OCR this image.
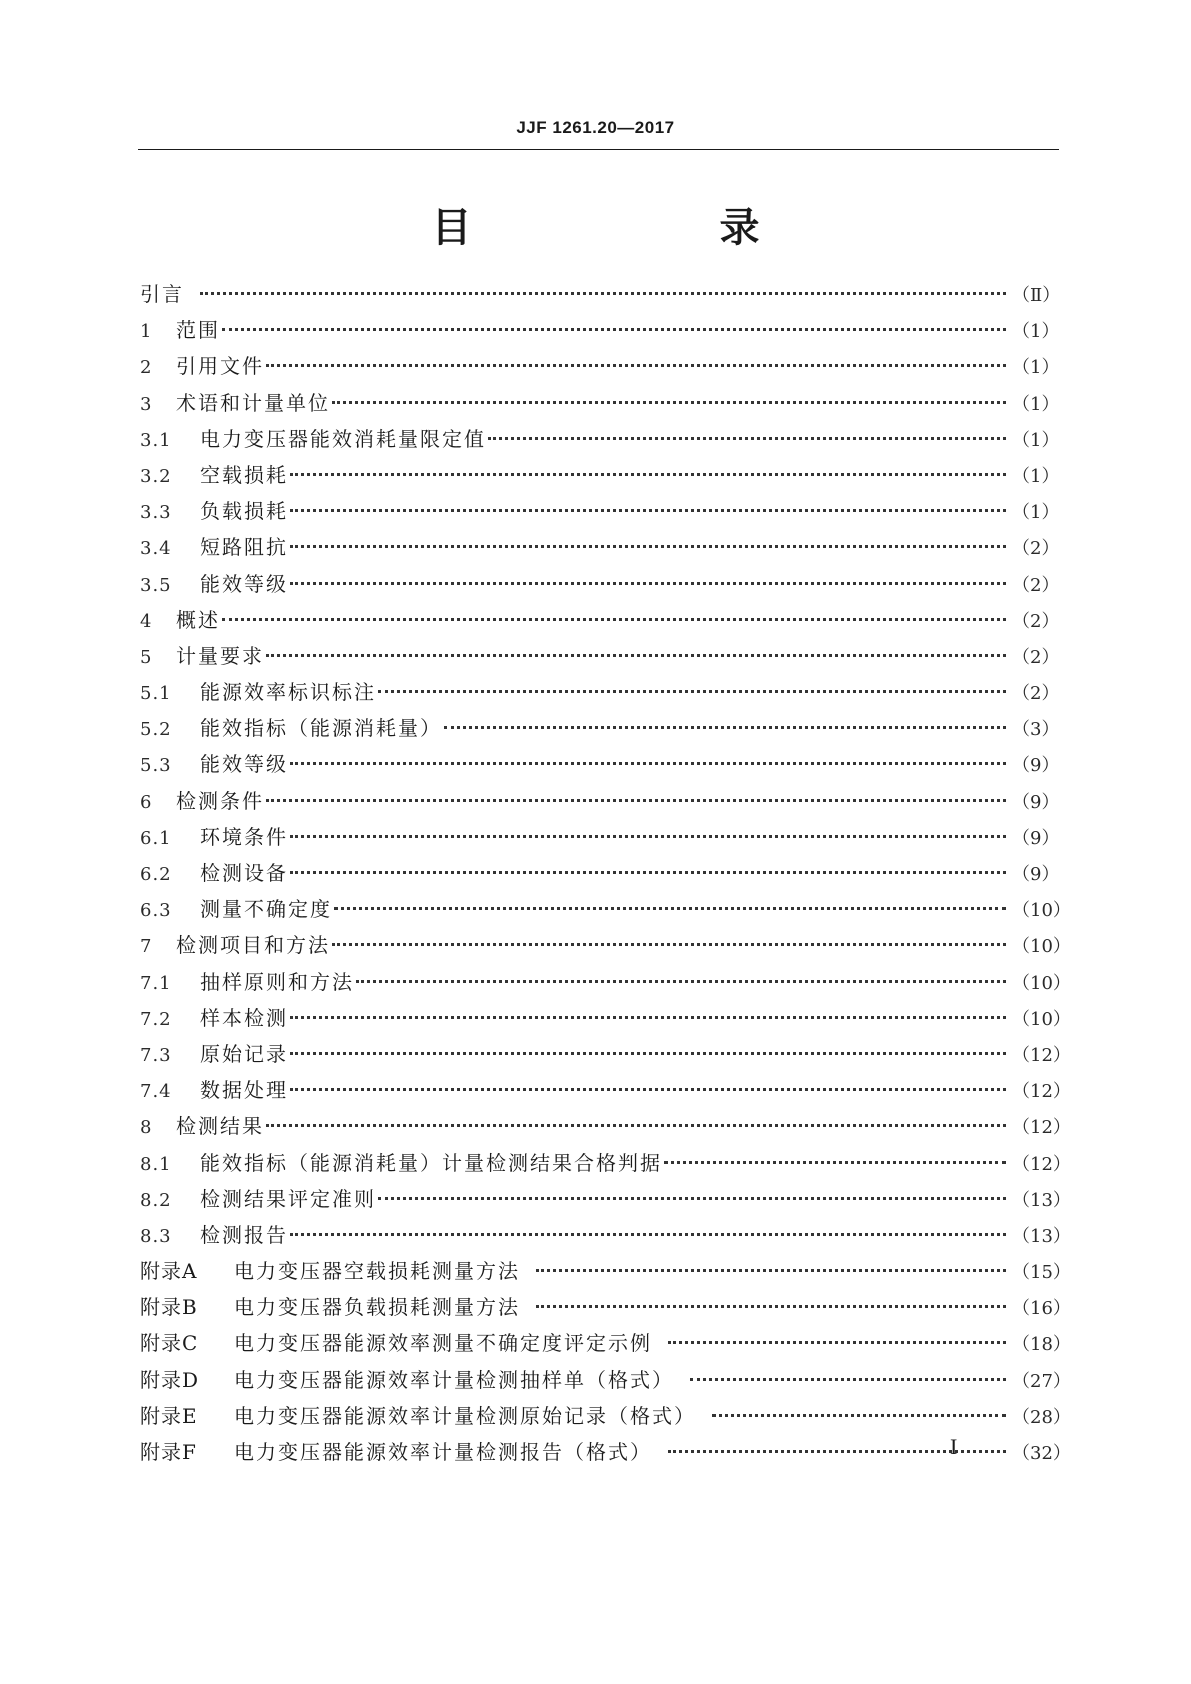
JJF 1261.20—2017
目　　录
引言	（Ⅱ）
1	范围	（1）
2	引用文件	（1）
3	术语和计量单位	（1）
3.1	电力变压器能效消耗量限定值	（1）
3.2	空载损耗	（1）
3.3	负载损耗	（1）
3.4	短路阻抗	（2）
3.5	能效等级	（2）
4	概述	（2）
5	计量要求	（2）
5.1	能源效率标识标注	（2）
5.2	能效指标（能源消耗量）	（3）
5.3	能效等级	（9）
6	检测条件	（9）
6.1	环境条件	（9）
6.2	检测设备	（9）
6.3	测量不确定度	（10）
7	检测项目和方法	（10）
7.1	抽样原则和方法	（10）
7.2	样本检测	（10）
7.3	原始记录	（12）
7.4	数据处理	（12）
8	检测结果	（12）
8.1	能效指标（能源消耗量）计量检测结果合格判据	（12）
8.2	检测结果评定准则	（13）
8.3	检测报告	（13）
附录A	电力变压器空载损耗测量方法	（15）
附录B	电力变压器负载损耗测量方法	（16）
附录C	电力变压器能源效率测量不确定度评定示例	（18）
附录D	电力变压器能源效率计量检测抽样单（格式）	（27）
附录E	电力变压器能源效率计量检测原始记录（格式）	（28）
附录F	电力变压器能源效率计量检测报告（格式）	（32）
I
